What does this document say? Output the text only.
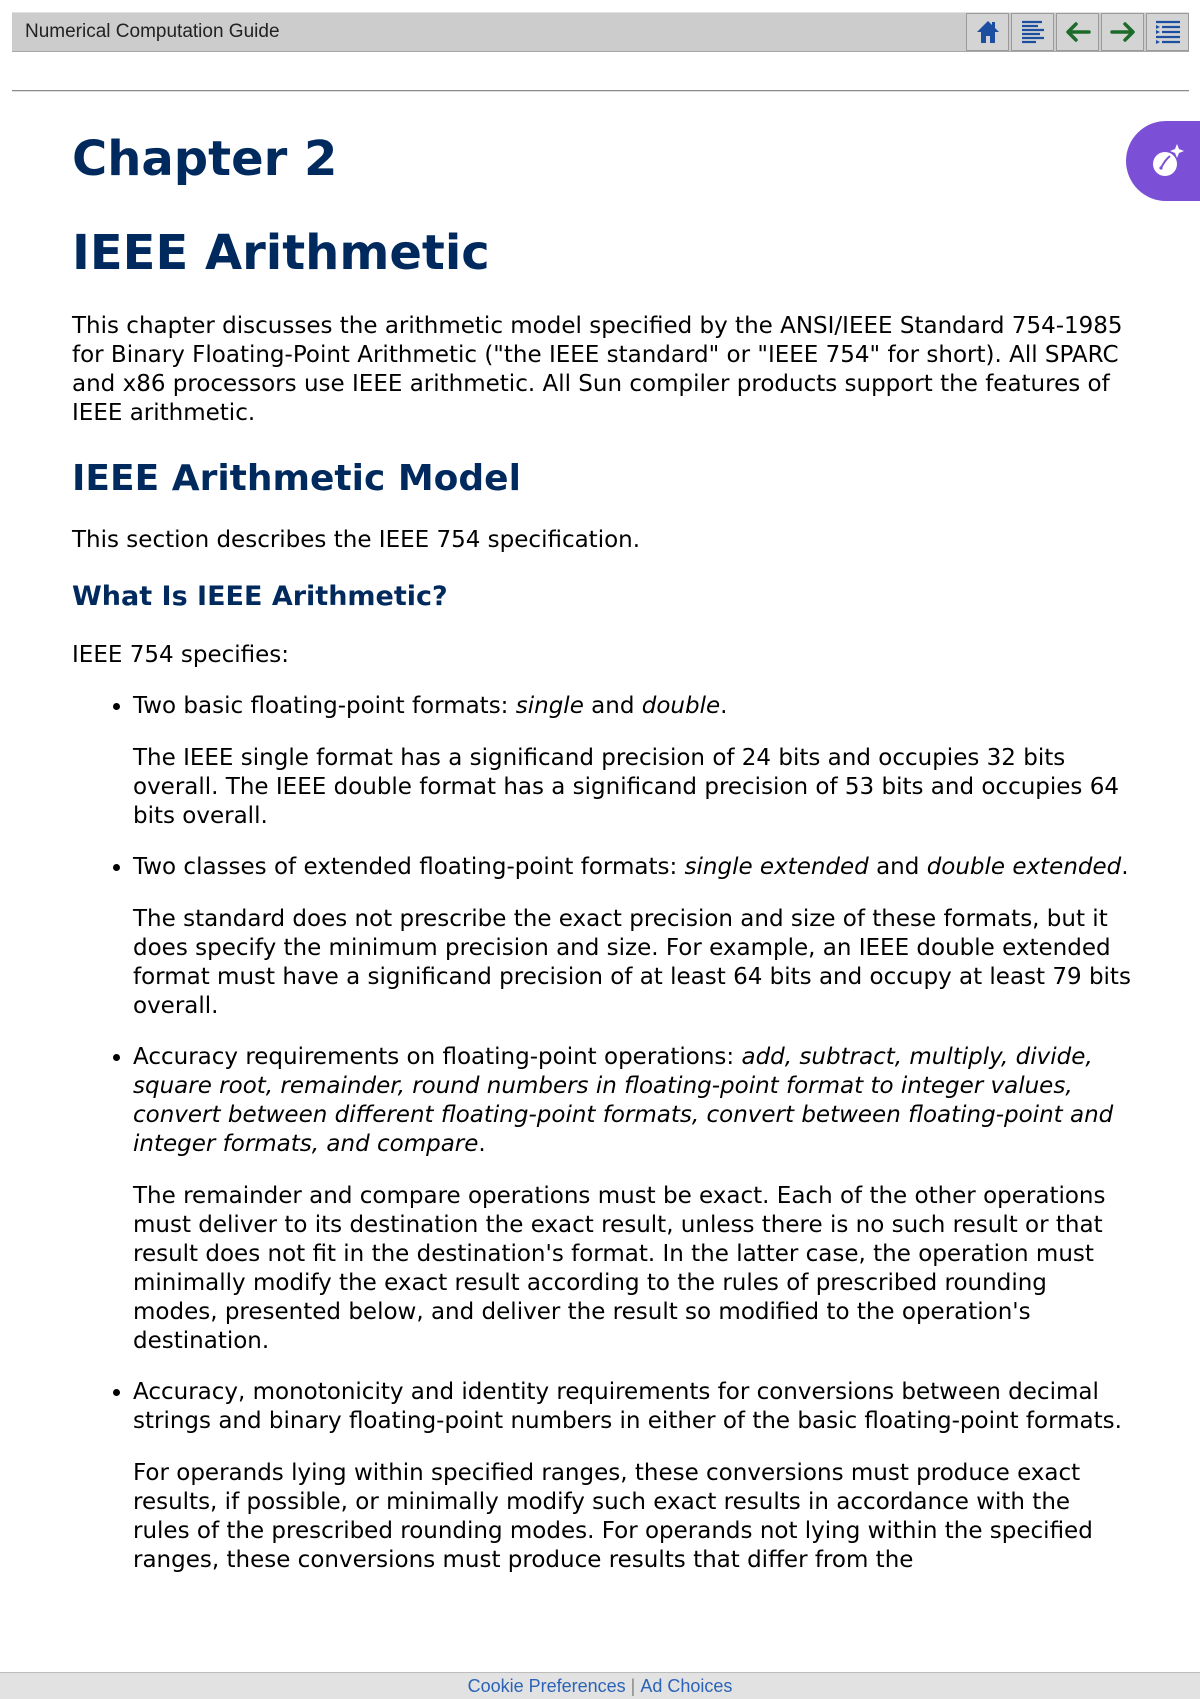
Numerical Computation Guide
Chapter 2
IEEE Arithmetic

This chapter discusses the arithmetic model specified by the ANSI/IEEE Standard 754-1985 for Binary Floating-Point Arithmetic ("the IEEE standard" or "IEEE 754" for short). All SPARC and x86 processors use IEEE arithmetic. All Sun compiler products support the features of IEEE arithmetic.

IEEE Arithmetic Model

This section describes the IEEE 754 specification.

What Is IEEE Arithmetic?

IEEE 754 specifies:

• Two basic floating-point formats: single and double.

The IEEE single format has a significand precision of 24 bits and occupies 32 bits overall. The IEEE double format has a significand precision of 53 bits and occupies 64 bits overall.

• Two classes of extended floating-point formats: single extended and double extended.

The standard does not prescribe the exact precision and size of these formats, but it does specify the minimum precision and size. For example, an IEEE double extended format must have a significand precision of at least 64 bits and occupy at least 79 bits overall.

• Accuracy requirements on floating-point operations: add, subtract, multiply, divide, square root, remainder, round numbers in floating-point format to integer values, convert between different floating-point formats, convert between floating-point and integer formats, and compare.

The remainder and compare operations must be exact. Each of the other operations must deliver to its destination the exact result, unless there is no such result or that result does not fit in the destination's format. In the latter case, the operation must minimally modify the exact result according to the rules of prescribed rounding modes, presented below, and deliver the result so modified to the operation's destination.

• Accuracy, monotonicity and identity requirements for conversions between decimal strings and binary floating-point numbers in either of the basic floating-point formats.

For operands lying within specified ranges, these conversions must produce exact results, if possible, or minimally modify such exact results in accordance with the rules of the prescribed rounding modes. For operands not lying within the specified ranges, these conversions must produce results that differ from the

Cookie Preferences | Ad Choices
